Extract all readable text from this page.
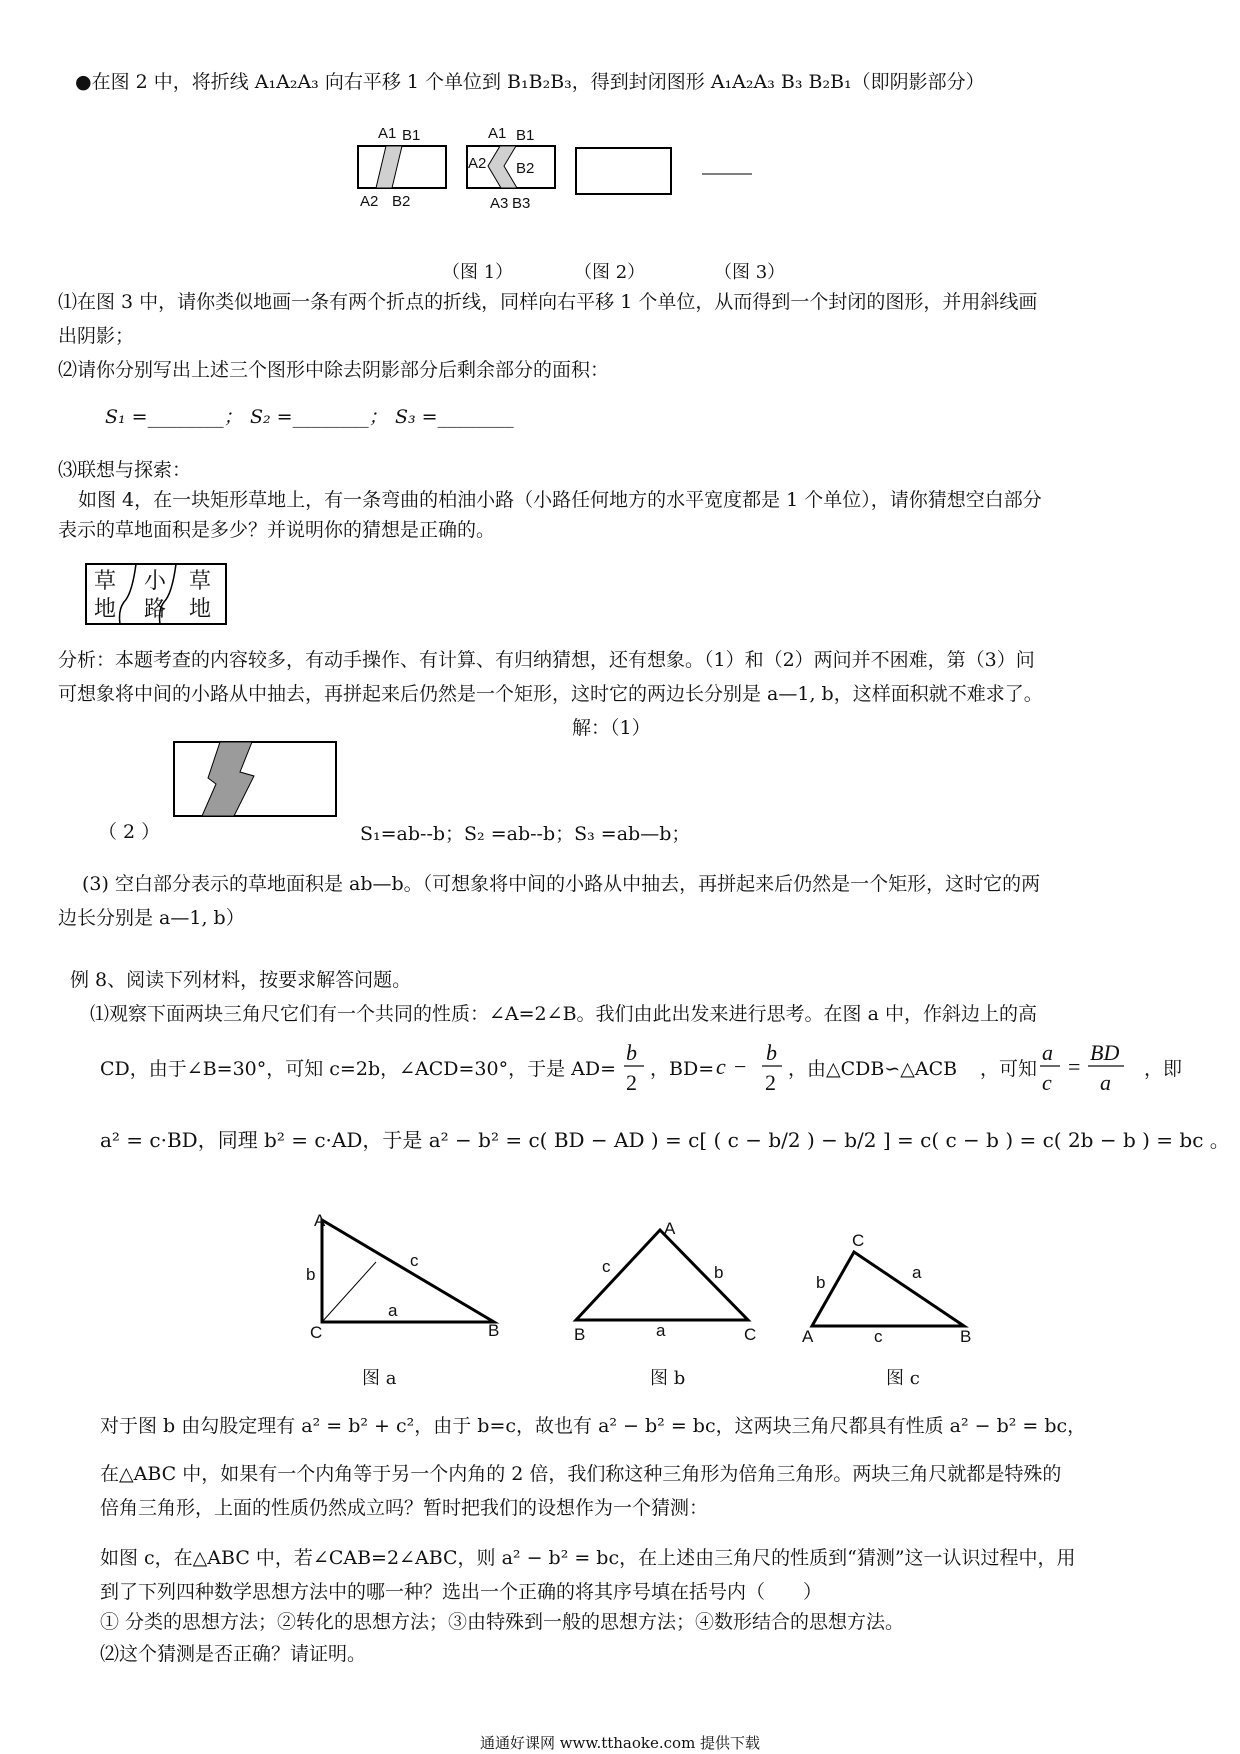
●在图 2 中，将折线 A₁A₂A₃ 向右平移 1 个单位到 B₁B₂B₃，得到封闭图形 A₁A₂A₃ B₃ B₂B₁（即阴影部分）
A1 B1
A2 B2
A1 B1
A2 B2
A3 B3
（图 1）	（图 2）	（图 3）
⑴在图 3 中，请你类似地画一条有两个折点的折线，同样向右平移 1 个单位，从而得到一个封闭的图形，并用斜线画
出阴影；
⑵请你分别写出上述三个图形中除去阴影部分后剩余部分的面积：
S₁ =________； S₂ =________； S₃ =________
⑶联想与探索：
如图 4，在一块矩形草地上，有一条弯曲的柏油小路（小路任何地方的水平宽度都是 1 个单位），请你猜想空白部分
表示的草地面积是多少？并说明你的猜想是正确的。
草
地
小
路
草
地
分析：本题考查的内容较多，有动手操作、有计算、有归纳猜想，还有想象。（1）和（2）两问并不困难，第（3）问
可想象将中间的小路从中抽去，再拼起来后仍然是一个矩形，这时它的两边长分别是 a—1, b，这样面积就不难求了。
解：（1）
（ 2 ）	S₁=ab--b；S₂ =ab--b；S₃ =ab—b；
(3) 空白部分表示的草地面积是 ab—b。（可想象将中间的小路从中抽去，再拼起来后仍然是一个矩形，这时它的两
边长分别是 a—1, b）
例 8、阅读下列材料，按要求解答问题。
⑴观察下面两块三角尺它们有一个共同的性质：∠A=2∠B。我们由此出发来进行思考。在图 a 中，作斜边上的高
CD，由于∠B=30°，可知 c=2b，∠ACD=30°，于是 AD=
b
2
，BD= c −
b
2
，由△CDB∽△ACB ，可知
a
c
=
BD
a
，即
a² = c·BD，同理 b² = c·AD，于是 a² − b² = c( BD − AD ) = c[ ( c − b/2 ) − b/2 ] = c( c − b ) = c( 2b − b ) = bc 。
A
C	B
b
c
a
图 a
A
B	C
c	b
a
图 b
C
A	B
b
a
c
图 c
对于图 b 由勾股定理有 a² = b² + c²，由于 b=c，故也有 a² − b² = bc，这两块三角尺都具有性质 a² − b² = bc，
在△ABC 中，如果有一个内角等于另一个内角的 2 倍，我们称这种三角形为倍角三角形。两块三角尺就都是特殊的
倍角三角形，上面的性质仍然成立吗？暂时把我们的设想作为一个猜测：
如图 c，在△ABC 中，若∠CAB=2∠ABC，则 a² − b² = bc，在上述由三角尺的性质到“猜测”这一认识过程中，用
到了下列四种数学思想方法中的哪一种？选出一个正确的将其序号填在括号内（　　）
① 分类的思想方法；②转化的思想方法；③由特殊到一般的思想方法；④数形结合的思想方法。
⑵这个猜测是否正确？请证明。
通通好课网 www.tthaoke.com 提供下载
